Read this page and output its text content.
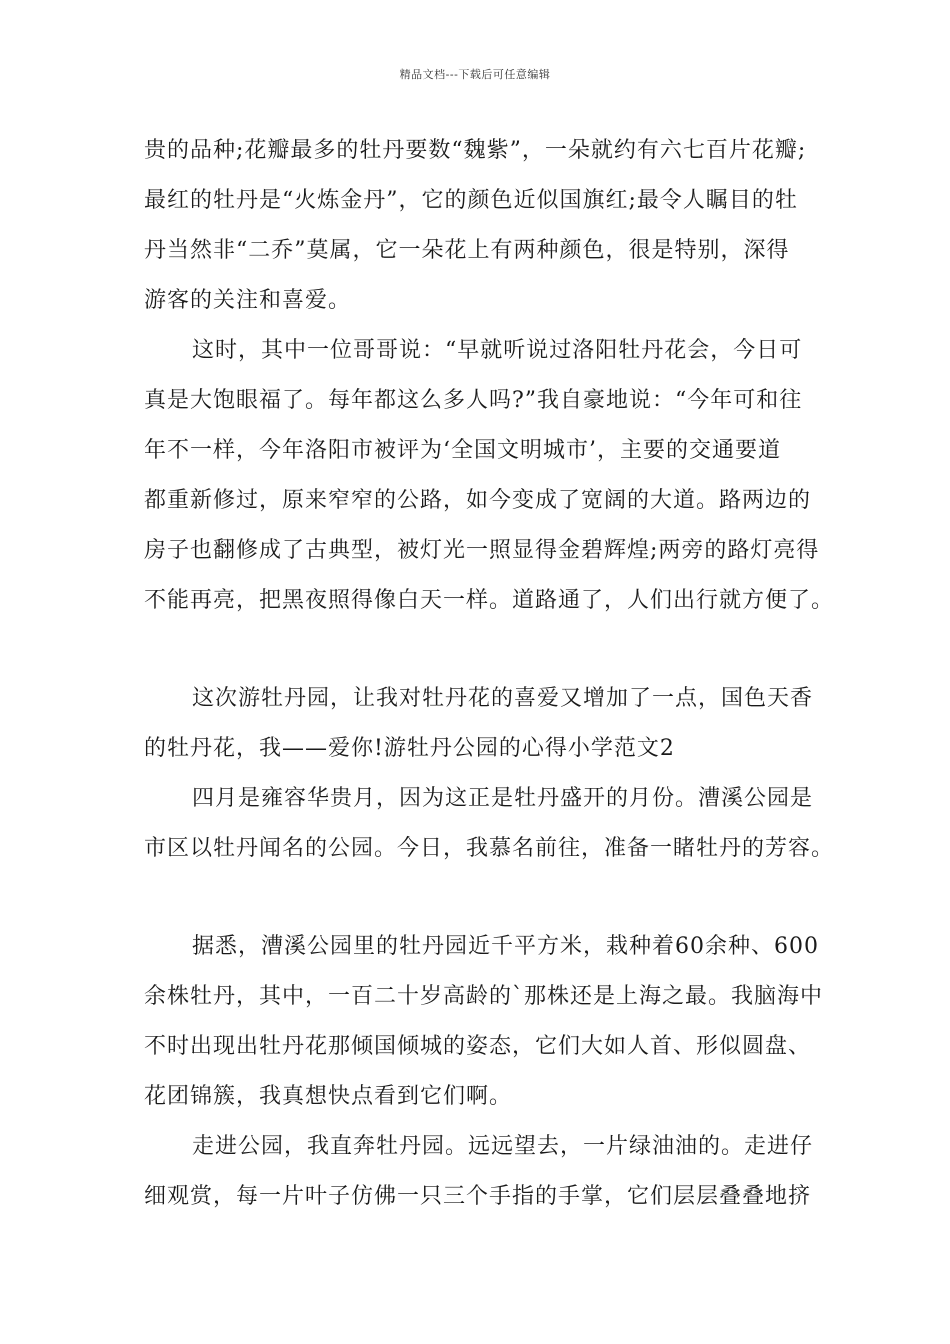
精品文档---下载后可任意编辑
贵的品种;花瓣最多的牡丹要数“魏紫”，一朵就约有六七百片花瓣;
最红的牡丹是“火炼金丹”，它的颜色近似国旗红;最令人瞩目的牡
丹当然非“二乔”莫属，它一朵花上有两种颜色，很是特别，深得
游客的关注和喜爱。
这时，其中一位哥哥说：“早就听说过洛阳牡丹花会，今日可
真是大饱眼福了。每年都这么多人吗?”我自豪地说：“今年可和往
年不一样，今年洛阳市被评为‘全国文明城市’，主要的交通要道
都重新修过，原来窄窄的公路，如今变成了宽阔的大道。路两边的
房子也翻修成了古典型，被灯光一照显得金碧辉煌;两旁的路灯亮得
不能再亮，把黑夜照得像白天一样。道路通了，人们出行就方便了。
这次游牡丹园，让我对牡丹花的喜爱又增加了一点，国色天香
的牡丹花，我——爱你!游牡丹公园的心得小学范文2
四月是雍容华贵月，因为这正是牡丹盛开的月份。漕溪公园是
市区以牡丹闻名的公园。今日，我慕名前往，准备一睹牡丹的芳容。
据悉，漕溪公园里的牡丹园近千平方米，栽种着60余种、600
余株牡丹，其中，一百二十岁高龄的`那株还是上海之最。我脑海中
不时出现出牡丹花那倾国倾城的姿态，它们大如人首、形似圆盘、
花团锦簇，我真想快点看到它们啊。
走进公园，我直奔牡丹园。远远望去，一片绿油油的。走进仔
细观赏，每一片叶子仿佛一只三个手指的手掌，它们层层叠叠地挤
